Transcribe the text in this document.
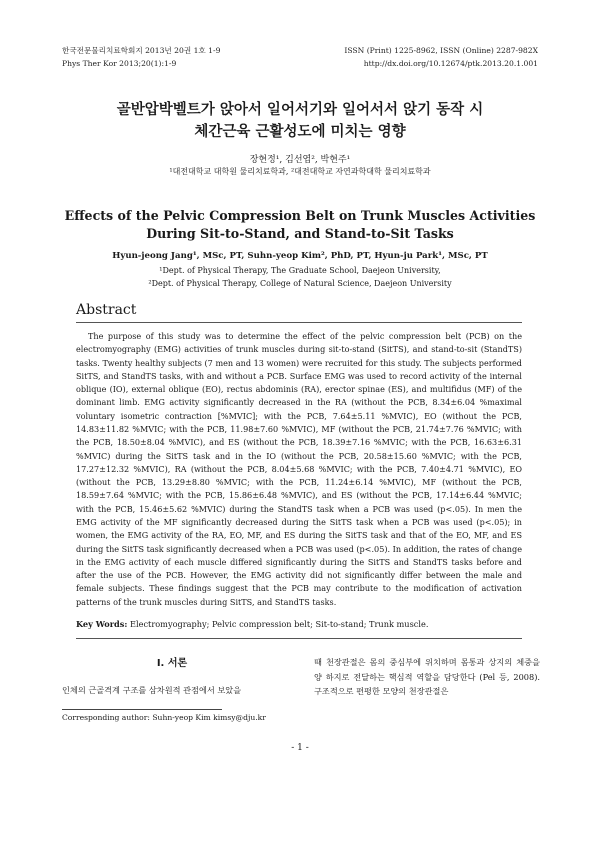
한국전문물리치료학회지 2013년 20권 1호 1-9
Phys Ther Kor 2013;20(1):1-9
ISSN (Print) 1225-8962, ISSN (Online) 2287-982X
http://dx.doi.org/10.12674/ptk.2013.20.1.001
골반압박벨트가 앉아서 일어서기와 일어서서 앉기 동작 시
체간근육 근활성도에 미치는 영향
장현정¹, 김선엽², 박현주¹
¹대전대학교 대학원 물리치료학과, ²대전대학교 자연과학대학 물리치료학과
Effects of the Pelvic Compression Belt on Trunk Muscles Activities
During Sit-to-Stand, and Stand-to-Sit Tasks
Hyun-jeong Jang¹, MSc, PT, Suhn-yeop Kim², PhD, PT, Hyun-ju Park¹, MSc, PT
¹Dept. of Physical Therapy, The Graduate School, Daejeon University,
²Dept. of Physical Therapy, College of Natural Science, Daejeon University
Abstract
The purpose of this study was to determine the effect of the pelvic compression belt (PCB) on the electromyography (EMG) activities of trunk muscles during sit-to-stand (SitTS), and stand-to-sit (StandTS) tasks. Twenty healthy subjects (7 men and 13 women) were recruited for this study. The subjects performed SitTS, and StandTS tasks, with and without a PCB. Surface EMG was used to record activity of the internal oblique (IO), external oblique (EO), rectus abdominis (RA), erector spinae (ES), and multifidus (MF) of the dominant limb. EMG activity significantly decreased in the RA (without the PCB, 8.34±6.04 %maximal voluntary isometric contraction [%MVIC]; with the PCB, 7.64±5.11 %MVIC), EO (without the PCB, 14.83±11.82 %MVIC; with the PCB, 11.98±7.60 %MVIC), MF (without the PCB, 21.74±7.76 %MVIC; with the PCB, 18.50±8.04 %MVIC), and ES (without the PCB, 18.39±7.16 %MVIC; with the PCB, 16.63±6.31 %MVIC) during the SitTS task and in the IO (without the PCB, 20.58±15.60 %MVIC; with the PCB, 17.27±12.32 %MVIC), RA (without the PCB, 8.04±5.68 %MVIC; with the PCB, 7.40±4.71 %MVIC), EO (without the PCB, 13.29±8.80 %MVIC; with the PCB, 11.24±6.14 %MVIC), MF (without the PCB, 18.59±7.64 %MVIC; with the PCB, 15.86±6.48 %MVIC), and ES (without the PCB, 17.14±6.44 %MVIC; with the PCB, 15.46±5.62 %MVIC) during the StandTS task when a PCB was used (p<.05). In men the EMG activity of the MF significantly decreased during the SitTS task when a PCB was used (p<.05); in women, the EMG activity of the RA, EO, MF, and ES during the SitTS task and that of the EO, MF, and ES during the SitTS task significantly decreased when a PCB was used (p<.05). In addition, the rates of change in the EMG activity of each muscle differed significantly during the SitTS and StandTS tasks before and after the use of the PCB. However, the EMG activity did not significantly differ between the male and female subjects. These findings suggest that the PCB may contribute to the modification of activation patterns of the trunk muscles during SitTS, and StandTS tasks.
Key Words: Electromyography; Pelvic compression belt; Sit-to-stand; Trunk muscle.
Ⅰ. 서론
인체의 근골격계 구조를 삼차원적 관점에서 보았을
때 천장관절은 몸의 중심부에 위치하며 몸통과 상지의 체중을 양 하지로 전달하는 핵심적 역할을 담당한다 (Pel 등, 2008). 구조적으로 편평한 모양의 천장관절은
Corresponding author: Suhn-yeop Kim kimsy@dju.kr
- 1 -
